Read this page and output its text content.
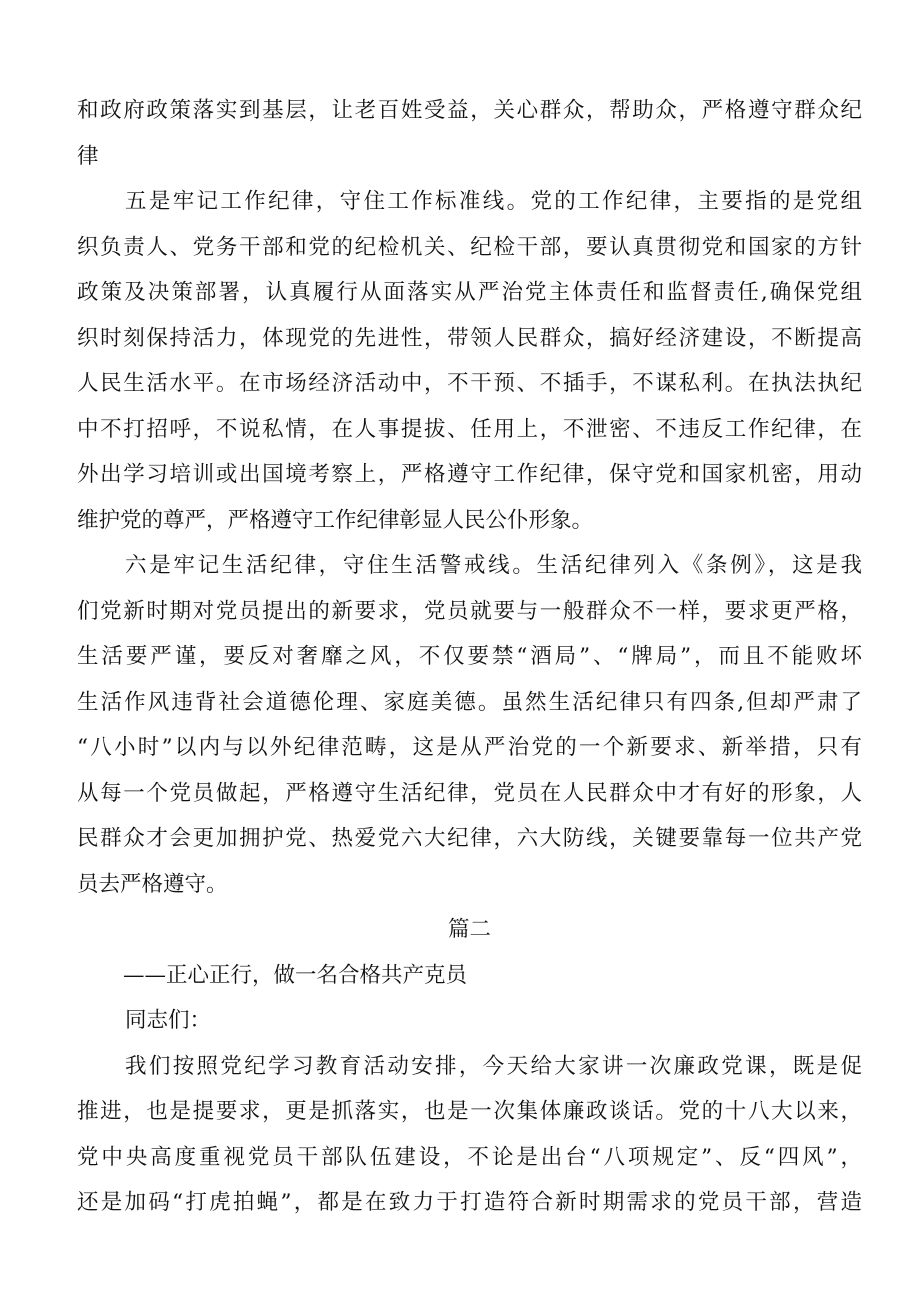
和政府政策落实到基层，让老百姓受益，关心群众，帮助众，严格遵守群众纪
律
五是牢记工作纪律，守住工作标准线。党的工作纪律，主要指的是党组
织负责人、党务干部和党的纪检机关、纪检干部，要认真贯彻党和国家的方针
政策及决策部署，认真履行从面落实从严治党主体责任和监督责任,确保党组
织时刻保持活力，体现党的先进性，带领人民群众，搞好经济建设，不断提高
人民生活水平。在市场经济活动中，不干预、不插手，不谋私利。在执法执纪
中不打招呼，不说私情，在人事提拔、任用上，不泄密、不违反工作纪律，在
外出学习培训或出国境考察上，严格遵守工作纪律，保守党和国家机密，用动
维护党的尊严，严格遵守工作纪律彰显人民公仆形象。
六是牢记生活纪律，守住生活警戒线。生活纪律列入《条例》，这是我
们党新时期对党员提出的新要求，党员就要与一般群众不一样，要求更严格，
生活要严谨，要反对奢靡之风，不仅要禁“酒局”、“牌局”，而且不能败坏
生活作风违背社会道德伦理、家庭美德。虽然生活纪律只有四条,但却严肃了
“八小时”以内与以外纪律范畴，这是从严治党的一个新要求、新举措，只有
从每一个党员做起，严格遵守生活纪律，党员在人民群众中才有好的形象，人
民群众才会更加拥护党、热爱党六大纪律，六大防线，关键要靠每一位共产党
员去严格遵守。
篇二
——正心正行，做一名合格共产克员
同志们：
我们按照党纪学习教育活动安排，今天给大家讲一次廉政党课，既是促
推进，也是提要求，更是抓落实，也是一次集体廉政谈话。党的十八大以来，
党中央高度重视党员干部队伍建设，不论是出台“八项规定”、反“四风”，
还是加码“打虎拍蝇”，都是在致力于打造符合新时期需求的党员干部，营造
